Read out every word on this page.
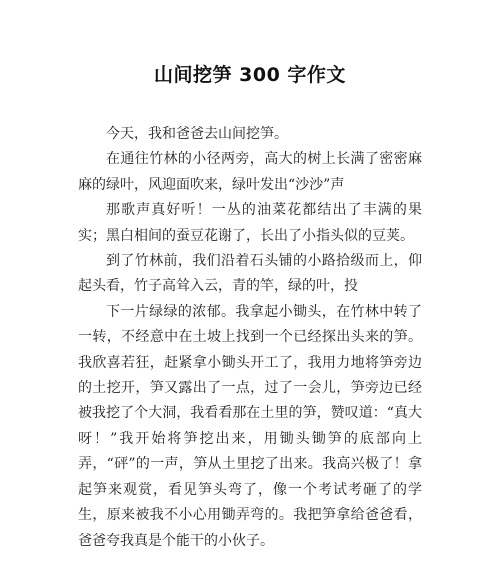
山间挖笋 300 字作文

今天，我和爸爸去山间挖笋。

在通往竹林的小径两旁，高大的树上长满了密密麻麻的绿叶，风迎面吹来，绿叶发出“沙沙”声

那歌声真好听！一丛的油菜花都结出了丰满的果实；黑白相间的蚕豆花谢了，长出了小指头似的豆荚。

到了竹林前，我们沿着石头铺的小路拾级而上，仰起头看，竹子高耸入云，青的竿，绿的叶，投

下一片绿绿的浓郁。我拿起小锄头，在竹林中转了一转，不经意中在土坡上找到一个已经探出头来的笋。我欣喜若狂，赶紧拿小锄头开工了，我用力地将笋旁边的土挖开，笋又露出了一点，过了一会儿，笋旁边已经被我挖了个大洞，我看看那在土里的笋，赞叹道：“真大呀！”我开始将笋挖出来，用锄头锄笋的底部向上弄，“砰”的一声，笋从土里挖了出来。我高兴极了！拿起笋来观赏，看见笋头弯了，像一个考试考砸了的学生，原来被我不小心用锄弄弯的。我把笋拿给爸爸看，爸爸夸我真是个能干的小伙子。
